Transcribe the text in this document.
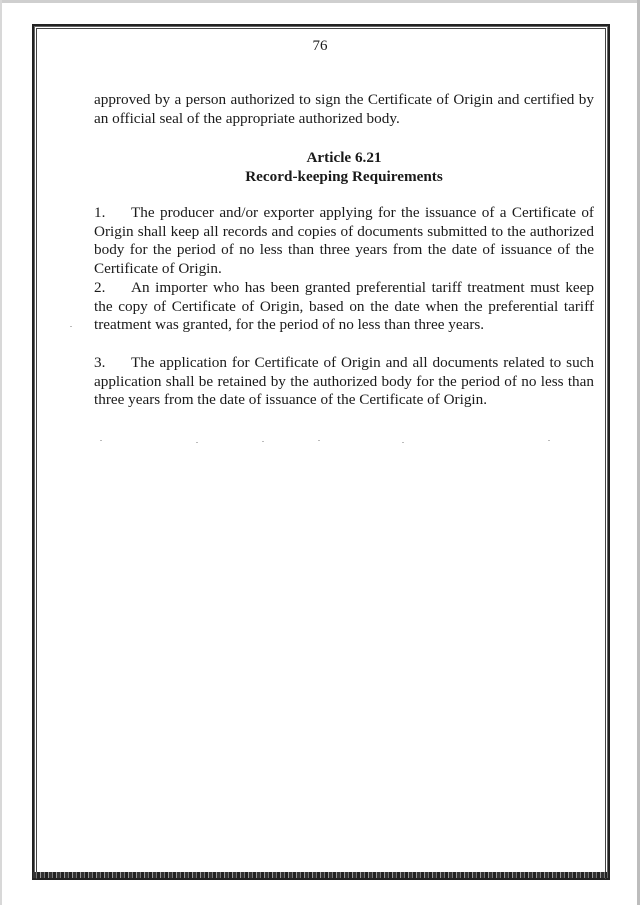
76

approved by a person authorized to sign the Certificate of Origin and certified by an official seal of the appropriate authorized body.

Article 6.21

Record-keeping Requirements

1. The producer and/or exporter applying for the issuance of a Certificate of Origin shall keep all records and copies of documents submitted to the authorized body for the period of no less than three years from the date of issuance of the Certificate of Origin.

2. An importer who has been granted preferential tariff treatment must keep the copy of Certificate of Origin, based on the date when the preferential tariff treatment was granted, for the period of no less than three years.

3. The application for Certificate of Origin and all documents related to such application shall be retained by the authorized body for the period of no less than three years from the date of issuance of the Certificate of Origin.
